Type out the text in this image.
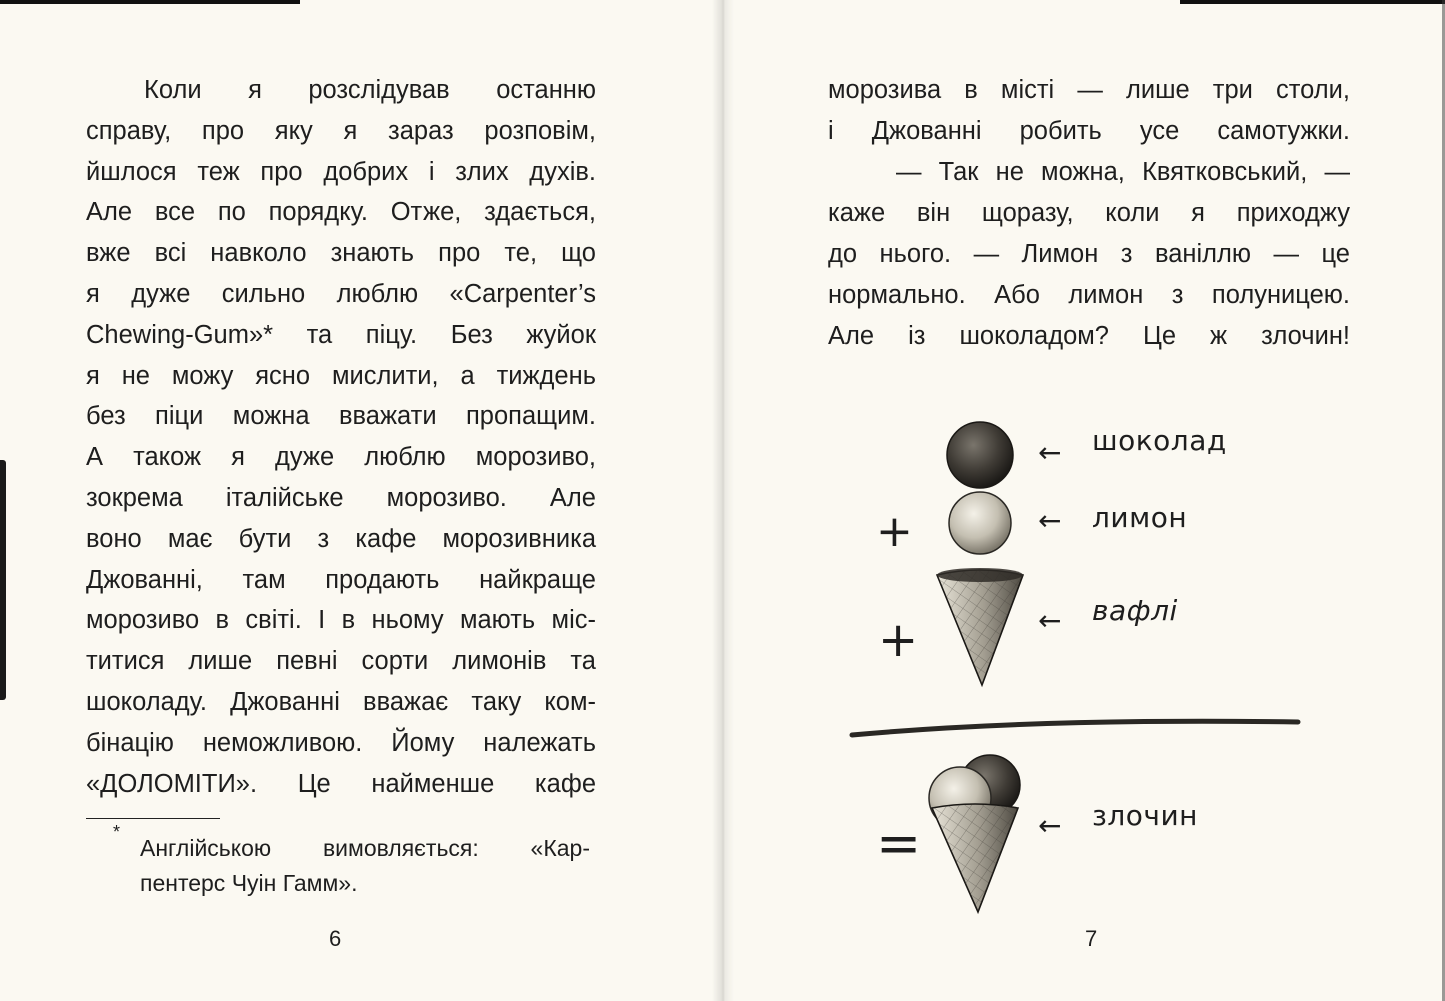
Коли я розслідував останню

справу, про яку я зараз розповім,

йшлося теж про добрих і злих духів.

Але все по порядку. Отже, здається,

вже всі навколо знають про те, що

я дуже сильно люблю «Carpenter’s

Chewing-Gum»* та піцу. Без жуйок

я не можу ясно мислити, а тиждень

без піци можна вважати пропащим.

А також я дуже люблю морозиво,

зокрема італійське морозиво. Але

воно має бути з кафе морозивника

Джованні, там продають найкраще

морозиво в світі. І в ньому мають міс-

титися лише певні сорти лимонів та

шоколаду. Джованні вважає таку ком-

бінацію неможливою. Йому належать

«ДОЛОМІТИ». Це найменше кафе

*

Англійською вимовляється: «Кар-

пентерс Чуін Гамм».

6

морозива в місті — лише три столи,

і Джованні робить усе самотужки.

— Так не можна, Квятковський, —

каже він щоразу, коли я приходжу

до нього. — Лимон з ваніллю — це

нормально. Або лимон з полуницею.

Але із шоколадом? Це ж злочин!

← шоколад
+	← лимон
+	← вафлі
=	← злочин
7
